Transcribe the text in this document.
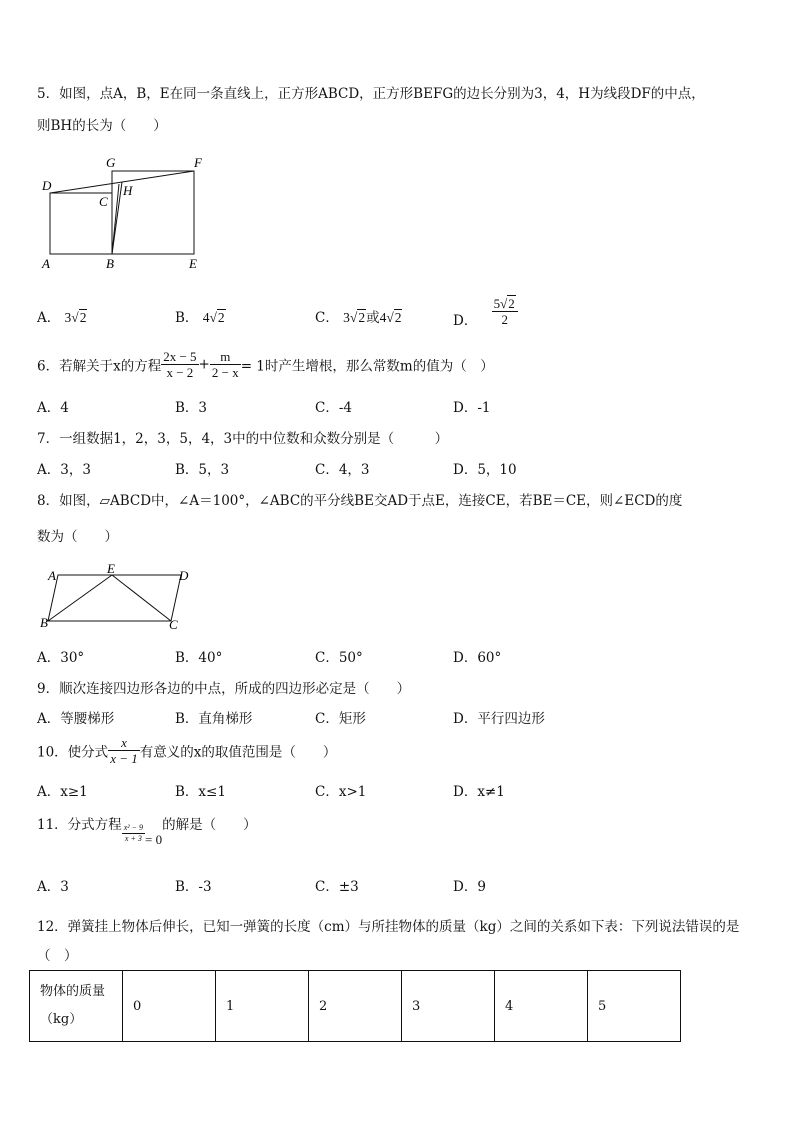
5．如图，点A，B，E在同一条直线上，正方形ABCD，正方形BEFG的边长分别为3，4，H为线段DF的中点，
则BH的长为（　　）
G	F
D	H
C
A	B	E
A． 3√2	B． 4√2	C． 3√2或4√2	D． $\frac{5√2}{2}$
6．若解关于x的方程 $\frac{2x - 5}{x - 2} + \frac{m}{2 - x} = 1$时产生增根，那么常数m的值为（　）
A．4	B．3	C．-4	D．-1
7．一组数据1，2，3，5，4，3中的中位数和众数分别是（　　　）
A．3，3	B．5，3	C．4，3	D．5，10
8．如图，▱ABCD中，∠A＝100°，∠ABC的平分线BE交AD于点E，连接CE，若BE＝CE，则∠ECD的度
数为（　　）
A	E	D
B	C
A．30°	B．40°	C．50°	D．60°
9．顺次连接四边形各边的中点，所成的四边形必定是（　　）
A．等腰梯形	B．直角梯形	C．矩形	D．平行四边形
10．使分式 $\frac{x}{x - 1}$ 有意义的x的取值范围是（　　）
A．x≥1	B．x≤1	C．x>1	D．x≠1
11．分式方程 $\frac{\text{x² − 9}}{x + 3} = 0$的解是（　　）
A．3	B．-3	C．±3	D．9
12．弹簧挂上物体后伸长，已知一弹簧的长度（cm）与所挂物体的质量（kg）之间的关系如下表：下列说法错误的是
（　）
物体的质量
（kg）	0	1	2	3	4	5
